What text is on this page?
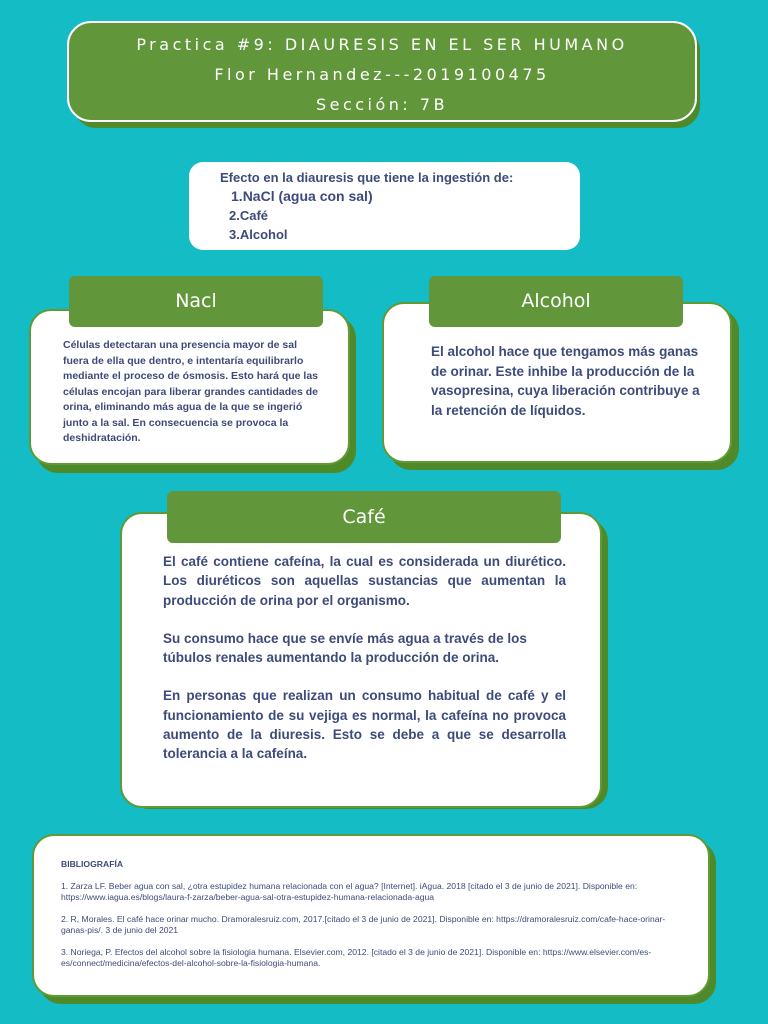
Practica #9: DIAURESIS EN EL SER HUMANO
Flor Hernandez---2019100475
Sección: 7B
Efecto en la diauresis que tiene la ingestión de:
1.NaCl (agua con sal)
2.Café
3.Alcohol

Células detectaran una presencia mayor de sal fuera de ella que dentro, e intentaría equilibrarlo mediante el proceso de ósmosis. Esto hará que las células encojan para liberar grandes cantidades de orina, eliminando más agua de la que se ingerió junto a la sal. En consecuencia se provoca la deshidratación.

Nacl

El alcohol hace que tengamos más ganas de orinar. Este inhibe la producción de la vasopresina, cuya liberación contribuye a la retención de líquidos.

Alcohol

El café contiene cafeína, la cual es considerada un diurético. Los diuréticos son aquellas sustancias que aumentan la producción de orina por el organismo.

Su consumo hace que se envíe más agua a través de los túbulos renales aumentando la producción de orina.

En personas que realizan un consumo habitual de café y el funcionamiento de su vejiga es normal, la cafeína no provoca aumento de la diuresis. Esto se debe a que se desarrolla tolerancia a la cafeína.

Café
BIBLIOGRAFÍA

1. Zarza LF. Beber agua con sal, ¿otra estupidez humana relacionada con el agua? [Internet]. iAgua. 2018 [citado el 3 de junio de 2021]. Disponible en: https://www.iagua.es/blogs/laura-f-zarza/beber-agua-sal-otra-estupidez-humana-relacionada-agua

2. R, Morales. El café hace orinar mucho. Dramoralesruiz.com, 2017.[citado el 3 de junio de 2021]. Disponible en: https://dramoralesruiz.com/cafe-hace-orinar-ganas-pis/. 3 de junio del 2021

3. Noriega, P. Efectos del alcohol sobre la fisiologia humana. Elsevier.com, 2012. [citado el 3 de junio de 2021]. Disponible en: https://www.elsevier.com/es-es/connect/medicina/efectos-del-alcohol-sobre-la-fisiologia-humana.
